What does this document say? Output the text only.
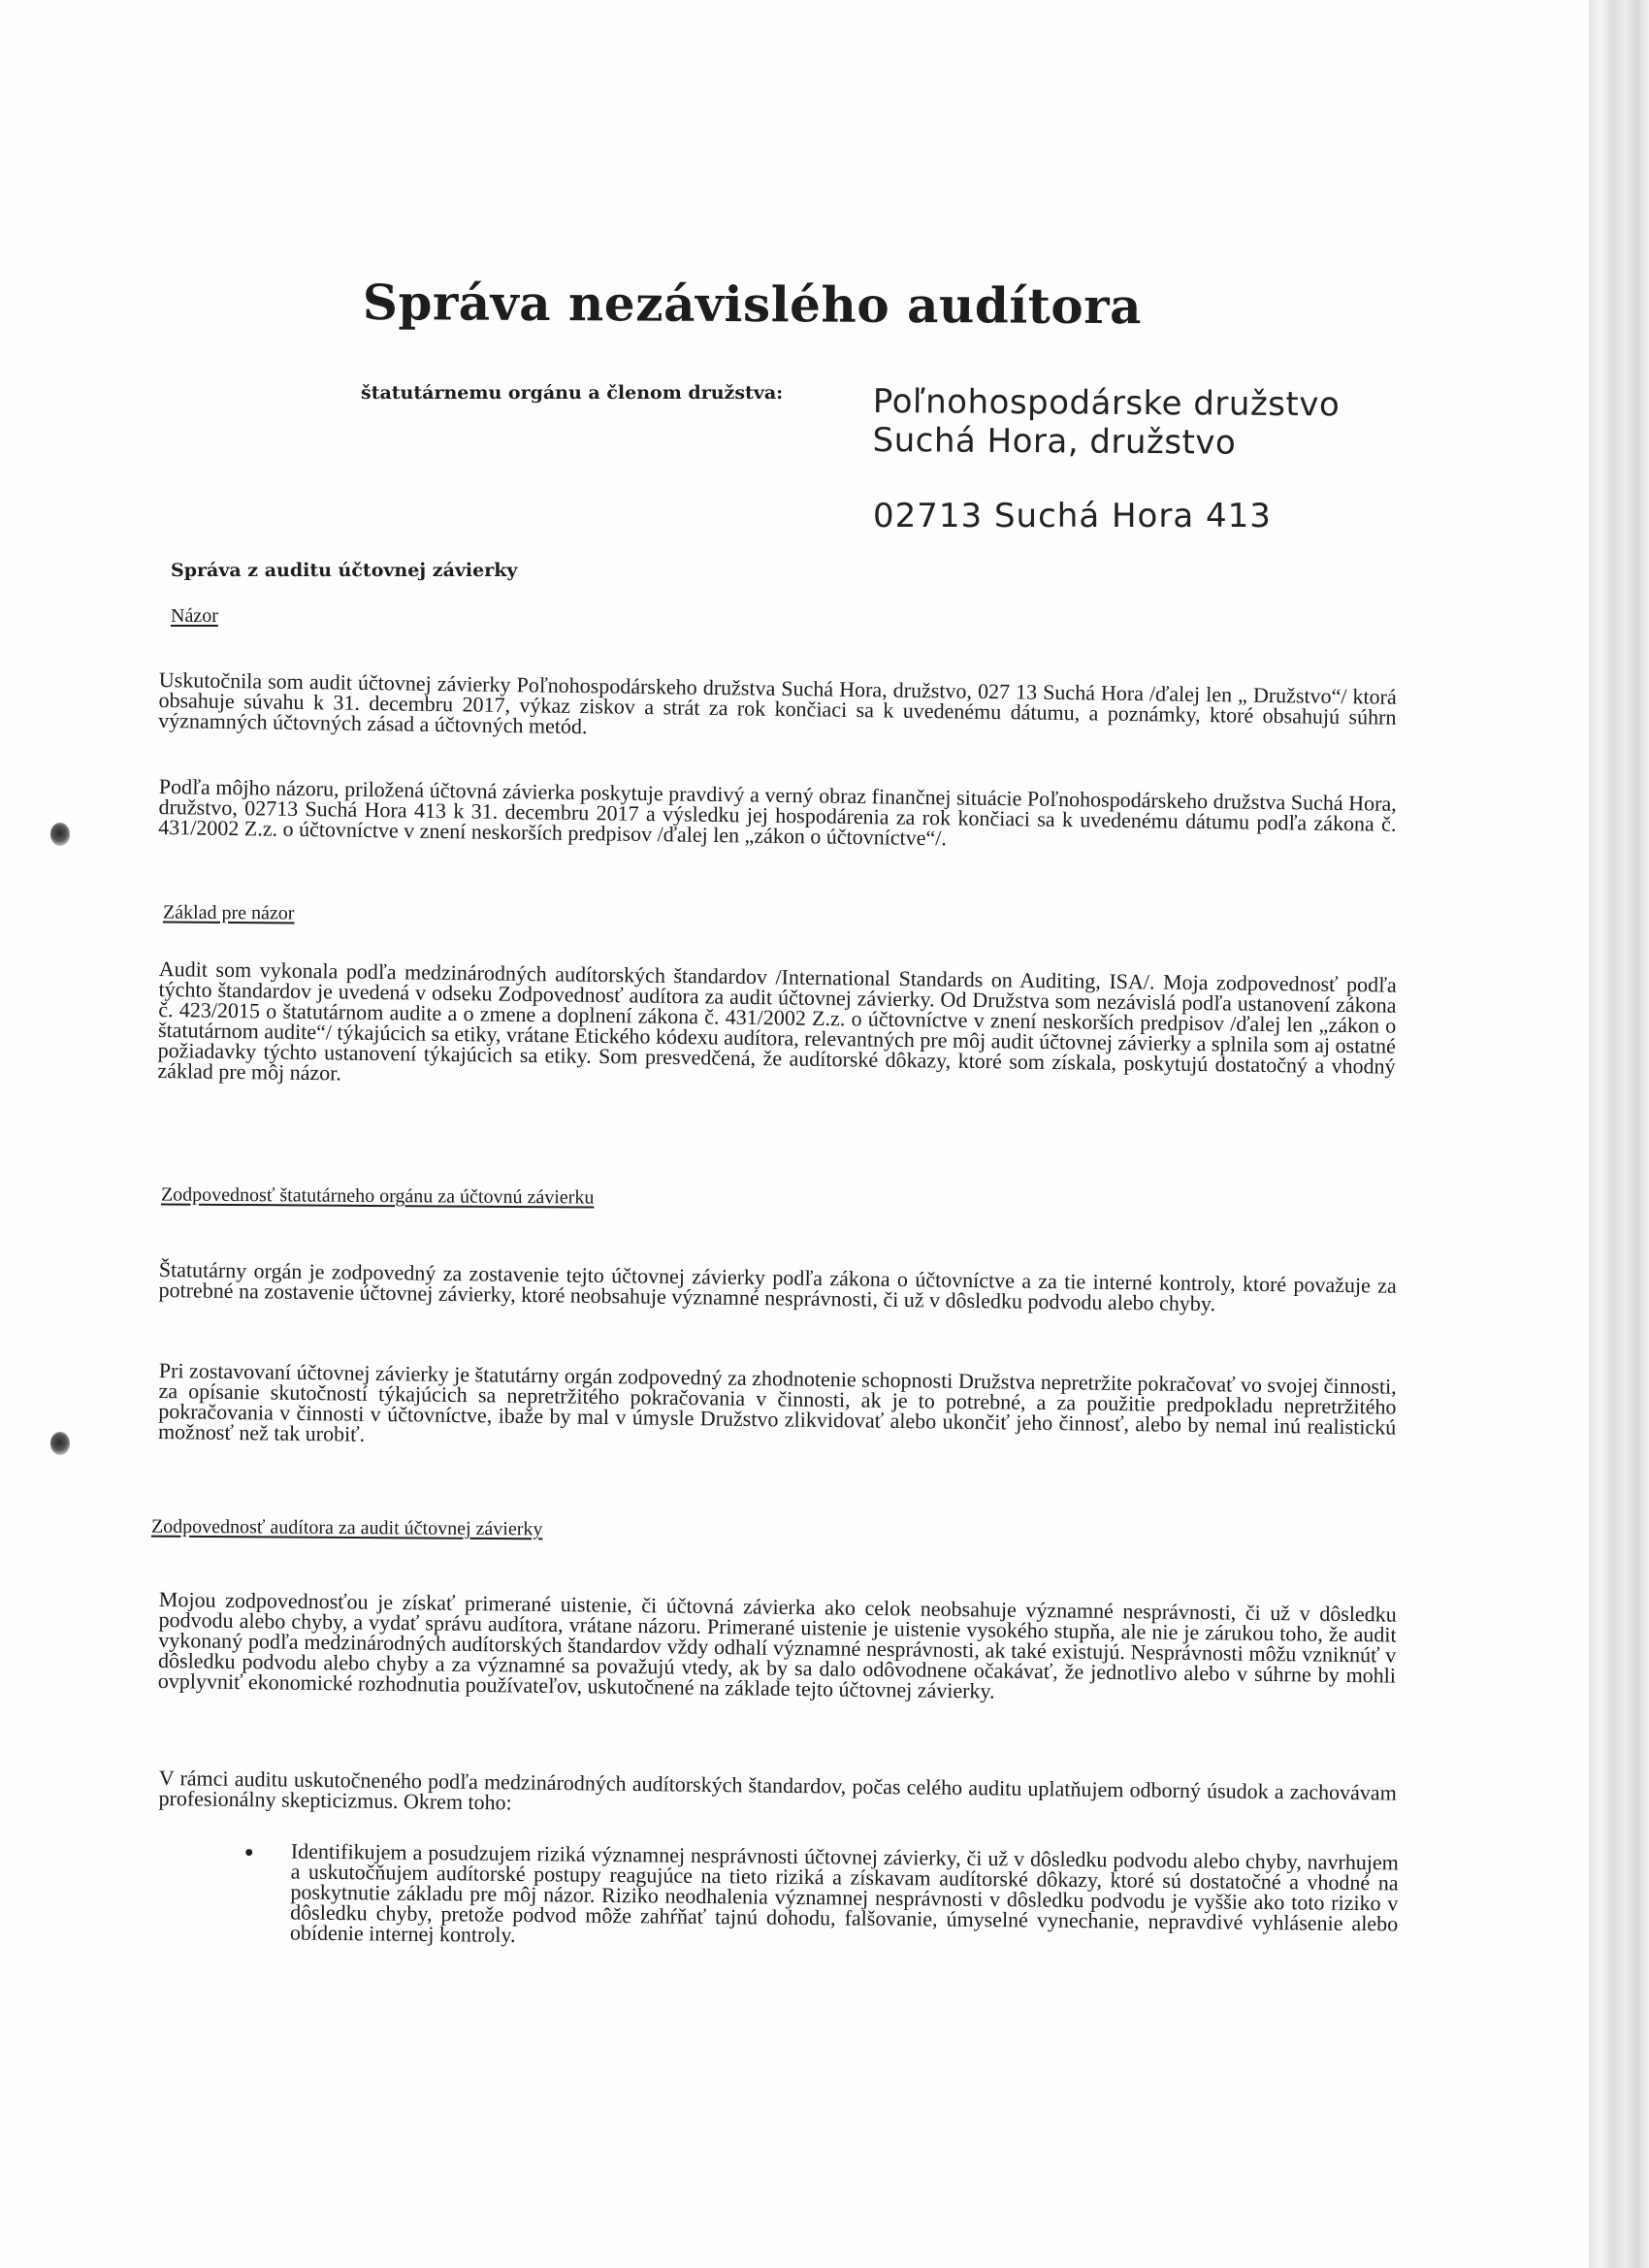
Správa nezávislého audítora
štatutárnemu orgánu a členom družstva:	Poľnohospodárske družstvo
Suchá Hora, družstvo
02713 Suchá Hora 413
Správa z auditu účtovnej závierky
Názor
Uskutočnila som audit účtovnej závierky Poľnohospodárskeho družstva Suchá Hora, družstvo, 027 13 Suchá Hora /ďalej len „ Družstvo“/ ktorá obsahuje súvahu k 31. decembru 2017, výkaz ziskov a strát za rok končiaci sa k uvedenému dátumu, a poznámky, ktoré obsahujú súhrn významných účtovných zásad a účtovných metód.
Podľa môjho názoru, priložená účtovná závierka poskytuje pravdivý a verný obraz finančnej situácie Poľnohospodárskeho družstva Suchá Hora, družstvo, 02713 Suchá Hora 413 k 31. decembru 2017 a výsledku jej hospodárenia za rok končiaci sa k uvedenému dátumu podľa zákona č. 431/2002 Z.z. o účtovníctve v znení neskorších predpisov /ďalej len „zákon o účtovníctve“/.
Základ pre názor
Audit som vykonala podľa medzinárodných audítorských štandardov /International Standards on Auditing, ISA/. Moja zodpovednosť podľa týchto štandardov je uvedená v odseku Zodpovednosť audítora za audit účtovnej závierky. Od Družstva som nezávislá podľa ustanovení zákona č. 423/2015 o štatutárnom audite a o zmene a doplnení zákona č. 431/2002 Z.z. o účtovníctve v znení neskorších predpisov /ďalej len „zákon o štatutárnom audite“/ týkajúcich sa etiky, vrátane Etického kódexu audítora, relevantných pre môj audit účtovnej závierky a splnila som aj ostatné požiadavky týchto ustanovení týkajúcich sa etiky. Som presvedčená, že audítorské dôkazy, ktoré som získala, poskytujú dostatočný a vhodný základ pre môj názor.
Zodpovednosť štatutárneho orgánu za účtovnú závierku
Štatutárny orgán je zodpovedný za zostavenie tejto účtovnej závierky podľa zákona o účtovníctve a za tie interné kontroly, ktoré považuje za potrebné na zostavenie účtovnej závierky, ktoré neobsahuje významné nesprávnosti, či už v dôsledku podvodu alebo chyby.
Pri zostavovaní účtovnej závierky je štatutárny orgán zodpovedný za zhodnotenie schopnosti Družstva nepretržite pokračovať vo svojej činnosti, za opísanie skutočností týkajúcich sa nepretržitého pokračovania v činnosti, ak je to potrebné, a za použitie predpokladu nepretržitého pokračovania v činnosti v účtovníctve, ibaže by mal v úmysle Družstvo zlikvidovať alebo ukončiť jeho činnosť, alebo by nemal inú realistickú možnosť než tak urobiť.
Zodpovednosť audítora za audit účtovnej závierky
Mojou zodpovednosťou je získať primerané uistenie, či účtovná závierka ako celok neobsahuje významné nesprávnosti, či už v dôsledku podvodu alebo chyby, a vydať správu audítora, vrátane názoru. Primerané uistenie je uistenie vysokého stupňa, ale nie je zárukou toho, že audit vykonaný podľa medzinárodných audítorských štandardov vždy odhalí významné nesprávnosti, ak také existujú. Nesprávnosti môžu vzniknúť v dôsledku podvodu alebo chyby a za významné sa považujú vtedy, ak by sa dalo odôvodnene očakávať, že jednotlivo alebo v súhrne by mohli ovplyvniť ekonomické rozhodnutia používateľov, uskutočnené na základe tejto účtovnej závierky.
V rámci auditu uskutočneného podľa medzinárodných audítorských štandardov, počas celého auditu uplatňujem odborný úsudok a zachovávam profesionálny skepticizmus. Okrem toho:
● Identifikujem a posudzujem riziká významnej nesprávnosti účtovnej závierky, či už v dôsledku podvodu alebo chyby, navrhujem a uskutočňujem audítorské postupy reagujúce na tieto riziká a získavam audítorské dôkazy, ktoré sú dostatočné a vhodné na poskytnutie základu pre môj názor. Riziko neodhalenia významnej nesprávnosti v dôsledku podvodu je vyššie ako toto riziko v dôsledku chyby, pretože podvod môže zahŕňať tajnú dohodu, falšovanie, úmyselné vynechanie, nepravdivé vyhlásenie alebo obídenie internej kontroly.
